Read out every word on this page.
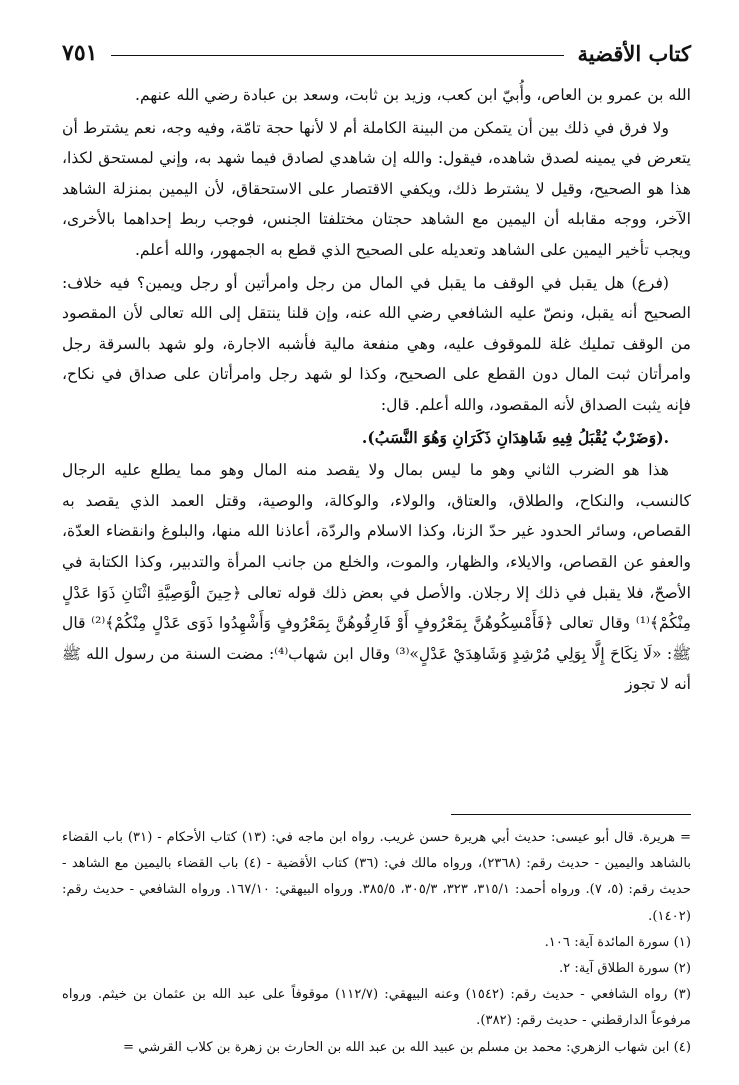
كتاب الأقضية
٧٥١

الله بن عمرو بن العاص، وأُبيّ ابن كعب، وزيد بن ثابت، وسعد بن عبادة رضي الله عنهم.

ولا فرق في ذلك بين أن يتمكن من البينة الكاملة أم لا لأنها حجة تامّة، وفيه وجه، نعم يشترط أن يتعرض في يمينه لصدق شاهده، فيقول: والله إن شاهدي لصادق فيما شهد به، وإني لمستحق لكذا، هذا هو الصحيح، وقيل لا يشترط ذلك، ويكفي الاقتصار على الاستحقاق، لأن اليمين بمنزلة الشاهد الآخر، ووجه مقابله أن اليمين مع الشاهد حجتان مختلفتا الجنس، فوجب ربط إحداهما بالأخرى، ويجب تأخير اليمين على الشاهد وتعديله على الصحيح الذي قطع به الجمهور، والله أعلم.

(فرع) هل يقبل في الوقف ما يقبل في المال من رجل وامرأتين أو رجل ويمين؟ فيه خلاف: الصحيح أنه يقبل، ونصّ عليه الشافعي رضي الله عنه، وإن قلنا ينتقل إلى الله تعالى لأن المقصود من الوقف تمليك غلة للموقوف عليه، وهي منفعة مالية فأشبه الاجارة، ولو شهد بالسرقة رجل وامرأتان ثبت المال دون القطع على الصحيح، وكذا لو شهد رجل وامرأتان على صداق في نكاح، فإنه يثبت الصداق لأنه المقصود، والله أعلم. قال:

.(وَضَرْبٌ يُقْبَلُ فِيهِ شَاهِدَانِ ذَكَرَانِ وَهُوَ النَّسَبُ).

هذا هو الضرب الثاني وهو ما ليس بمال ولا يقصد منه المال وهو مما يطلع عليه الرجال كالنسب، والنكاح، والطلاق، والعتاق، والولاء، والوكالة، والوصية، وقتل العمد الذي يقصد به القصاص، وسائر الحدود غير حدّ الزنا، وكذا الاسلام والردّة، أعاذنا الله منها، والبلوغ وانقضاء العدّة، والعفو عن القصاص، والايلاء، والظهار، والموت، والخلع من جانب المرأة والتدبير، وكذا الكتابة في الأصحّ، فلا يقبل في ذلك إلا رجلان. والأصل في بعض ذلك قوله تعالى ﴿حِينَ الْوَصِيَّةِ اثْنَانِ ذَوَا عَدْلٍ مِنْكُمْ﴾⁽¹⁾ وقال تعالى ﴿فَأَمْسِكُوهُنَّ بِمَعْرُوفٍ أَوْ فَارِقُوهُنَّ بِمَعْرُوفٍ وَأَشْهِدُوا ذَوَى عَدْلٍ مِنْكُمْ﴾⁽²⁾ قال ﷺ: «لَا نِكَاحَ إِلَّا بِوَلِي مُرْشِدٍ وَشَاهِدَيْ عَدْلٍ»⁽³⁾ وقال ابن شهاب⁽⁴⁾: مضت السنة من رسول الله ﷺ أنه لا تجوز

= هريرة. قال أبو عيسى: حديث أبي هريرة حسن غريب. رواه ابن ماجه في: (١٣) كتاب الأحكام - (٣١) باب القضاء بالشاهد واليمين - حديث رقم: (٢٣٦٨)، ورواه مالك في: (٣٦) كتاب الأقضية - (٤) باب القضاء باليمين مع الشاهد - حديث رقم: (٥، ٧). ورواه أحمد: ٣١٥/١، ٣٢٣، ٣٠٥/٣، ٣٨٥/٥. ورواه البيهقي: ١٦٧/١٠. ورواه الشافعي - حديث رقم: (١٤٠٢).

(١) سورة المائدة آية: ١٠٦.

(٢) سورة الطلاق آية: ٢.

(٣) رواه الشافعي - حديث رقم: (١٥٤٢) وعنه البيهقي: (١١٢/٧) موقوفاً على عبد الله بن عثمان بن خيثم. ورواه مرفوعاً الدارقطني - حديث رقم: (٣٨٢).

(٤) ابن شهاب الزهري: محمد بن مسلم بن عبيد الله بن عبد الله بن الحارث بن زهرة بن كلاب القرشي =
